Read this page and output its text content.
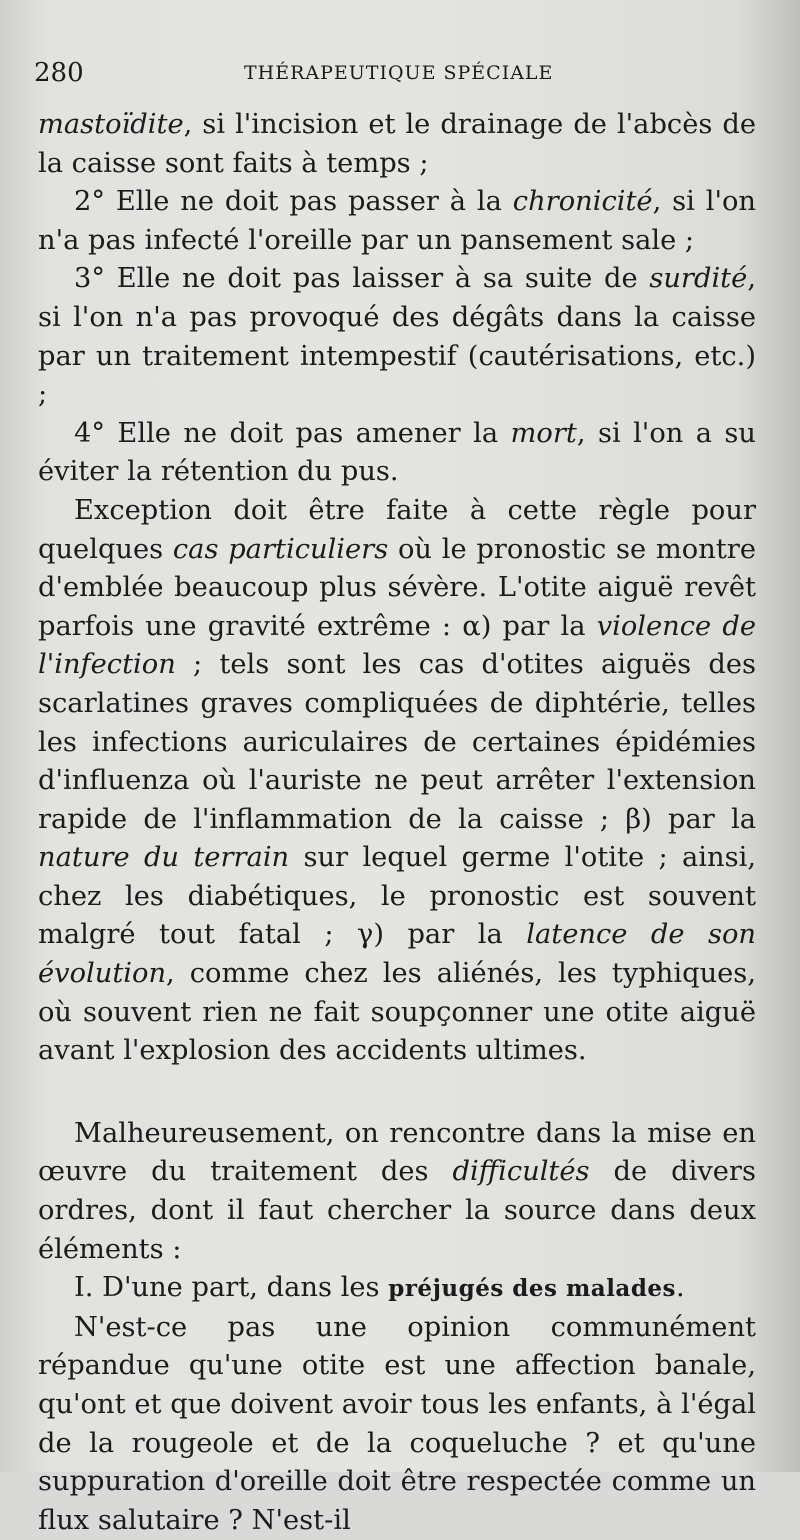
280	THÉRAPEUTIQUE SPÉCIALE

mastoïdite, si l'incision et le drainage de l'abcès de la caisse sont faits à temps ;

2° Elle ne doit pas passer à la chronicité, si l'on n'a pas infecté l'oreille par un pansement sale ;

3° Elle ne doit pas laisser à sa suite de surdité, si l'on n'a pas provoqué des dégâts dans la caisse par un traitement intempestif (cautérisations, etc.) ;

4° Elle ne doit pas amener la mort, si l'on a su éviter la rétention du pus.

Exception doit être faite à cette règle pour quelques cas particuliers où le pronostic se montre d'emblée beaucoup plus sévère. L'otite aiguë revêt parfois une gravité extrême : α) par la violence de l'infection ; tels sont les cas d'otites aiguës des scarlatines graves compliquées de diphtérie, telles les infections auriculaires de certaines épidémies d'influenza où l'auriste ne peut arrêter l'extension rapide de l'inflammation de la caisse ; β) par la nature du terrain sur lequel germe l'otite ; ainsi, chez les diabétiques, le pronostic est souvent malgré tout fatal ; γ) par la latence de son évolution, comme chez les aliénés, les typhiques, où souvent rien ne fait soupçonner une otite aiguë avant l'explosion des accidents ultimes.

Malheureusement, on rencontre dans la mise en œuvre du traitement des difficultés de divers ordres, dont il faut chercher la source dans deux éléments :

I. D'une part, dans les préjugés des malades.

N'est-ce pas une opinion communément répandue qu'une otite est une affection banale, qu'ont et que doivent avoir tous les enfants, à l'égal de la rougeole et de la coqueluche ? et qu'une suppuration d'oreille doit être respectée comme un flux salutaire ? N'est-il
